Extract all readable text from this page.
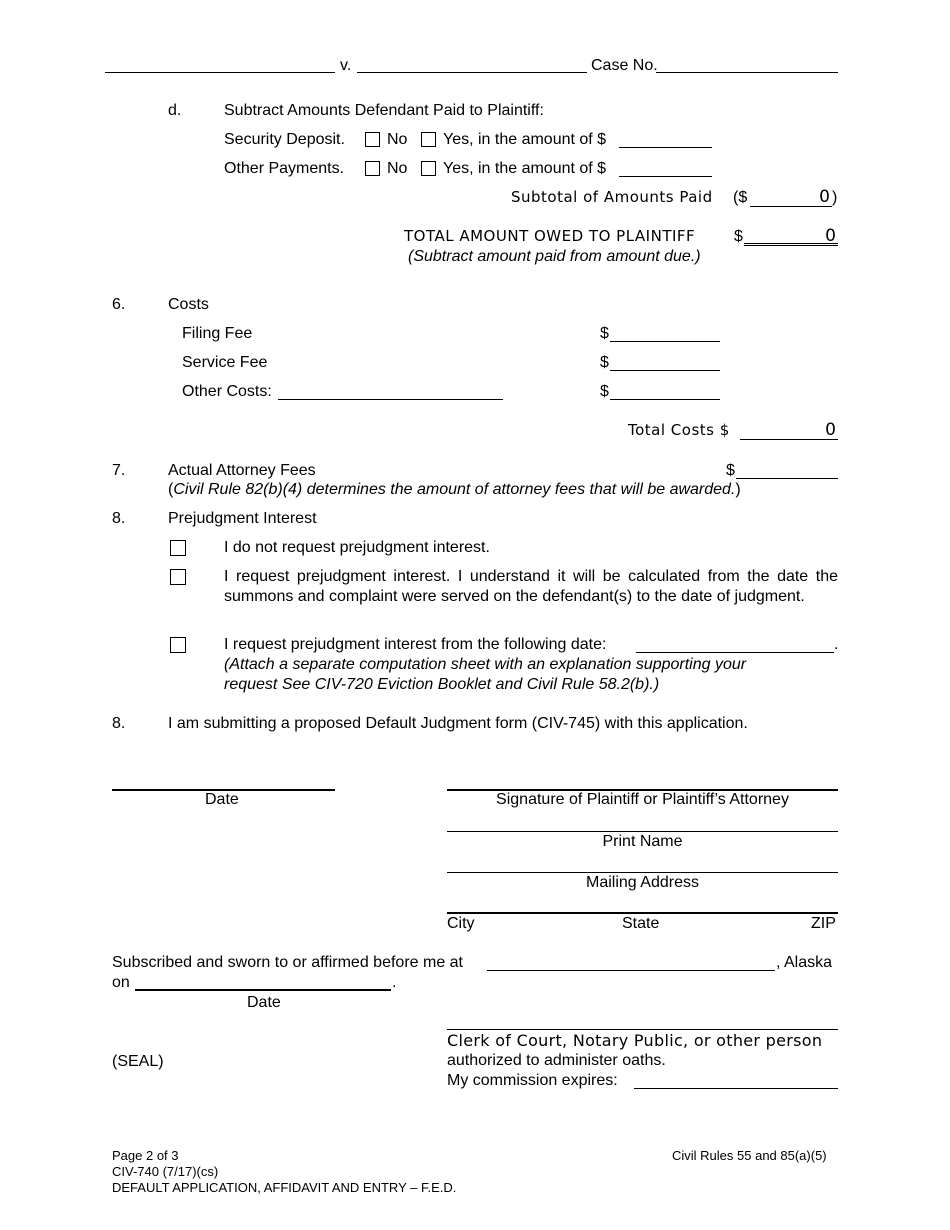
v.	Case No.
d.	Subtract Amounts Defendant Paid to Plaintiff:
Security Deposit.	No Yes, in the amount of $
Other Payments.	No Yes, in the amount of $
Subtotal of Amounts Paid ($	0 )
TOTAL AMOUNT OWED TO PLAINTIFF $	0
(Subtract amount paid from amount due.)
6.	Costs
Filing Fee	$
Service Fee	$
Other Costs:	$
Total Costs $	0
7.	Actual Attorney Fees	$
(Civil Rule 82(b)(4) determines the amount of attorney fees that will be awarded.)
8.	Prejudgment Interest
I do not request prejudgment interest.
I request prejudgment interest. I understand it will be calculated from the date the summons and complaint were served on the defendant(s) to the date of judgment.
I request prejudgment interest from the following date:	.
(Attach a separate computation sheet with an explanation supporting your request See CIV-720 Eviction Booklet and Civil Rule 58.2(b).)
8.	I am submitting a proposed Default Judgment form (CIV-745) with this application.
Date	Signature of Plaintiff or Plaintiff’s Attorney
Print Name
Mailing Address
City	State	ZIP
Subscribed and sworn to or affirmed before me at	, Alaska
on	.
Date
(SEAL)
Clerk of Court, Notary Public, or other person
authorized to administer oaths.
My commission expires:
Page 2 of 3
CIV-740 (7/17)(cs)
DEFAULT APPLICATION, AFFIDAVIT AND ENTRY – F.E.D.
Civil Rules 55 and 85(a)(5)
